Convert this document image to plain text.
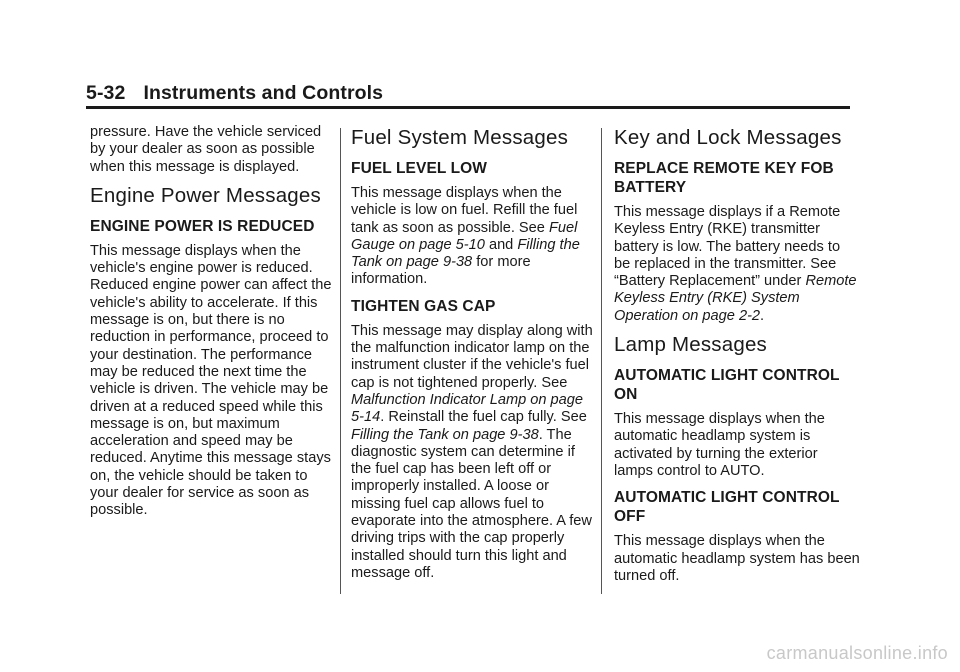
5-32 Instruments and Controls

pressure. Have the vehicle serviced by your dealer as soon as possible when this message is displayed.

Engine Power Messages
ENGINE POWER IS REDUCED

This message displays when the vehicle's engine power is reduced. Reduced engine power can affect the vehicle's ability to accelerate. If this message is on, but there is no reduction in performance, proceed to your destination. The performance may be reduced the next time the vehicle is driven. The vehicle may be driven at a reduced speed while this message is on, but maximum acceleration and speed may be reduced. Anytime this message stays on, the vehicle should be taken to your dealer for service as soon as possible.

Fuel System Messages
FUEL LEVEL LOW

This message displays when the vehicle is low on fuel. Refill the fuel tank as soon as possible. See Fuel Gauge on page 5-10 and Filling the Tank on page 9-38 for more information.

TIGHTEN GAS CAP

This message may display along with the malfunction indicator lamp on the instrument cluster if the vehicle's fuel cap is not tightened properly. See Malfunction Indicator Lamp on page 5-14. Reinstall the fuel cap fully. See Filling the Tank on page 9-38. The diagnostic system can determine if the fuel cap has been left off or improperly installed. A loose or missing fuel cap allows fuel to evaporate into the atmosphere. A few driving trips with the cap properly installed should turn this light and message off.

Key and Lock Messages
REPLACE REMOTE KEY FOB BATTERY

This message displays if a Remote Keyless Entry (RKE) transmitter battery is low. The battery needs to be replaced in the transmitter. See “Battery Replacement” under Remote Keyless Entry (RKE) System Operation on page 2-2.

Lamp Messages
AUTOMATIC LIGHT CONTROL ON

This message displays when the automatic headlamp system is activated by turning the exterior lamps control to AUTO.

AUTOMATIC LIGHT CONTROL OFF

This message displays when the automatic headlamp system has been turned off.

carmanualsonline.info
